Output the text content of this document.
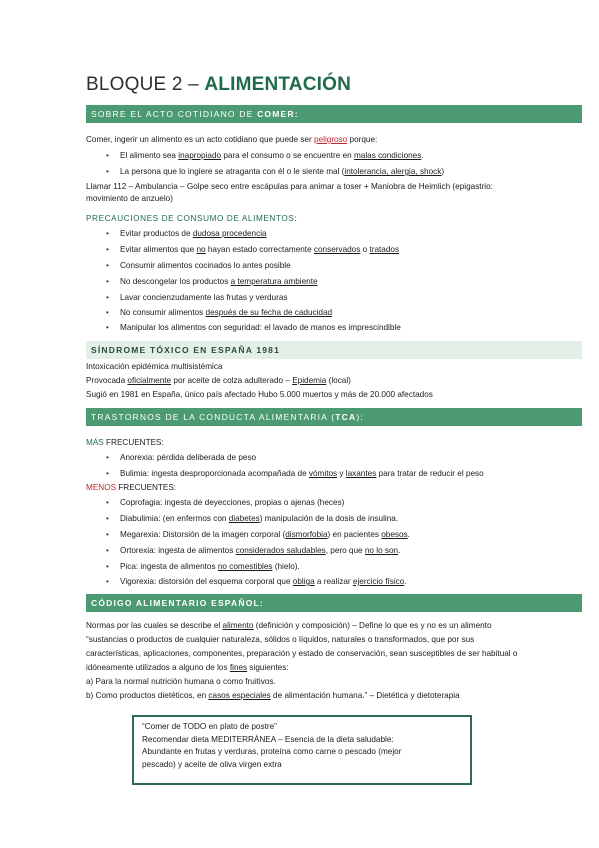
BLOQUE 2 – ALIMENTACIÓN
SOBRE EL ACTO COTIDIANO DE COMER:
Comer, ingerir un alimento es un acto cotidiano que puede ser peligroso porque:
• El alimento sea inapropiado para el consumo o se encuentre en malas condiciones.
• La persona que lo ingiere se atraganta con él o le siente mal (intolerancia, alergia, shock)
Llamar 112 – Ambulancia – Golpe seco entre escápulas para animar a toser + Maniobra de Heimlich (epigastrio:
movimiento de anzuelo)
PRECAUCIONES DE CONSUMO DE ALIMENTOS:
• Evitar productos de dudosa procedencia
• Evitar alimentos que no hayan estado correctamente conservados o tratados
• Consumir alimentos cocinados lo antes posible
• No descongelar los productos a temperatura ambiente
• Lavar concienzudamente las frutas y verduras
• No consumir alimentos después de su fecha de caducidad
• Manipular los alimentos con seguridad: el lavado de manos es imprescindible
SÍNDROME TÓXICO EN ESPAÑA 1981
Intoxicación epidémica multisistémica
Provocada oficialmente por aceite de colza adulterado – Epidemia (local)
Sugió en 1981 en España, único país afectado Hubo 5.000 muertos y más de 20.000 afectados
TRASTORNOS DE LA CONDUCTA ALIMENTARIA (TCA):
MÁS FRECUENTES:
• Anorexia: pérdida deliberada de peso
• Bulimia: ingesta desproporcionada acompañada de vómitos y laxantes para tratar de reducir el peso
MENOS FRECUENTES:
• Coprofagia: ingesta de deyecciones, propias o ajenas (heces)
• Diabulimia: (en enfermos con diabetes) manipulación de la dosis de insulina.
• Megarexia: Distorsión de la imagen corporal (dismorfobia) en pacientes obesos.
• Ortorexia: ingesta de alimentos considerados saludables, pero que no lo son.
• Pica: ingesta de alimentos no comestibles (hielo).
• Vigorexia: distorsión del esquema corporal que obliga a realizar ejercicio físico.
CÓDIGO ALIMENTARIO ESPAÑOL:
Normas por las cuales se describe el alimento (definición y composición) – Define lo que es y no es un alimento
“sustancias o productos de cualquier naturaleza, sólidos o líquidos, naturales o transformados, que por sus
características, aplicaciones, componentes, preparación y estado de conservación, sean susceptibles de ser habitual o
idóneamente utilizados a alguno de los fines siguientes:
a) Para la normal nutrición humana o como fruitivos.
b) Como productos dietéticos, en casos especiales de alimentación humana.” – Dietética y dietoterapia
“Comer de TODO en plato de postre”
Recomendar dieta MEDITERRÁNEA – Esencia de la dieta saludable:
Abundante en frutas y verduras, proteína como carne o pescado (mejor
pescado) y aceite de oliva virgen extra
